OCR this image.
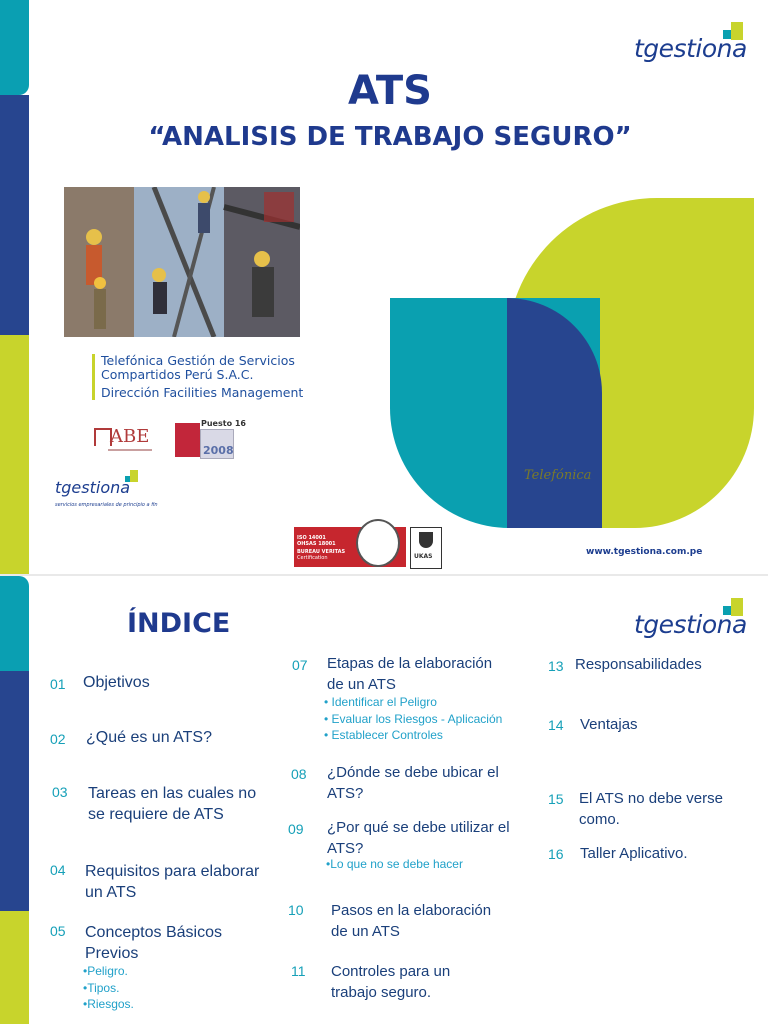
tgestiona
ATS
“ANALISIS DE TRABAJO SEGURO”
Telefónica Gestión de Servicios
Compartidos Perú S.A.C.
Dirección Facilities Management
ABE
Puesto 16
2008
tgestiona
servicios empresariales de principio a fin
Telefónica
ISO 14001
OHSAS 18001
BUREAU VERITAS
Certification	UKAS	www.tgestiona.com.pe
tgestiona
ÍNDICE
01 Objetivos
02 ¿Qué es un ATS?
03 Tareas en las cuales no
se requiere de ATS
04 Requisitos para elaborar
un ATS
05 Conceptos Básicos
Previos
•Peligro.
•Tipos.
•Riesgos.
07 Etapas de la elaboración
de un ATS
• Identificar el Peligro
• Evaluar los Riesgos - Aplicación
• Establecer Controles
08 ¿Dónde se debe ubicar el
ATS?
09 ¿Por qué se debe utilizar el
ATS?
•Lo que no se debe hacer
10 Pasos en la elaboración
de un ATS
11 Controles para un
trabajo seguro.
13 Responsabilidades
14 Ventajas
15 El ATS no debe verse
como.
16 Taller Aplicativo.
